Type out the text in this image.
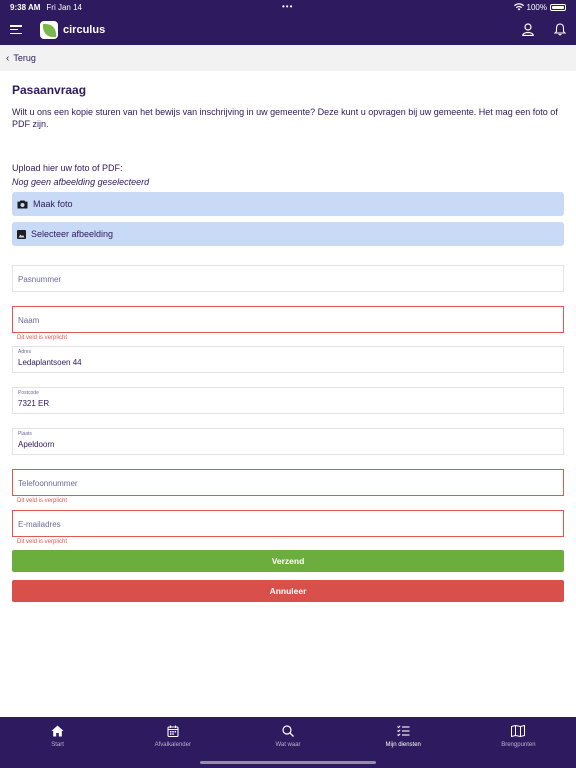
9:38 AM Fri Jan 14	•••	100%
circulus
‹ Terug
Pasaanvraag
Wilt u ons een kopie sturen van het bewijs van inschrijving in uw gemeente? Deze kunt u opvragen bij uw gemeente. Het mag een foto of PDF zijn.
Upload hier uw foto of PDF:
Nog geen afbeelding geselecteerd
Maak foto
Selecteer afbeelding
Pasnummer
Naam
Dit veld is verplicht
Adres
Ledaplantsoen 44
Postcode
7321 ER
Plaats
Apeldoorn
Telefoonnummer
Dit veld is verplicht
E-mailadres
Dit veld is verplicht
Verzend
Annuleer
Start	Afvalkalender	Wat waar	Mijn diensten	Brengpunten
